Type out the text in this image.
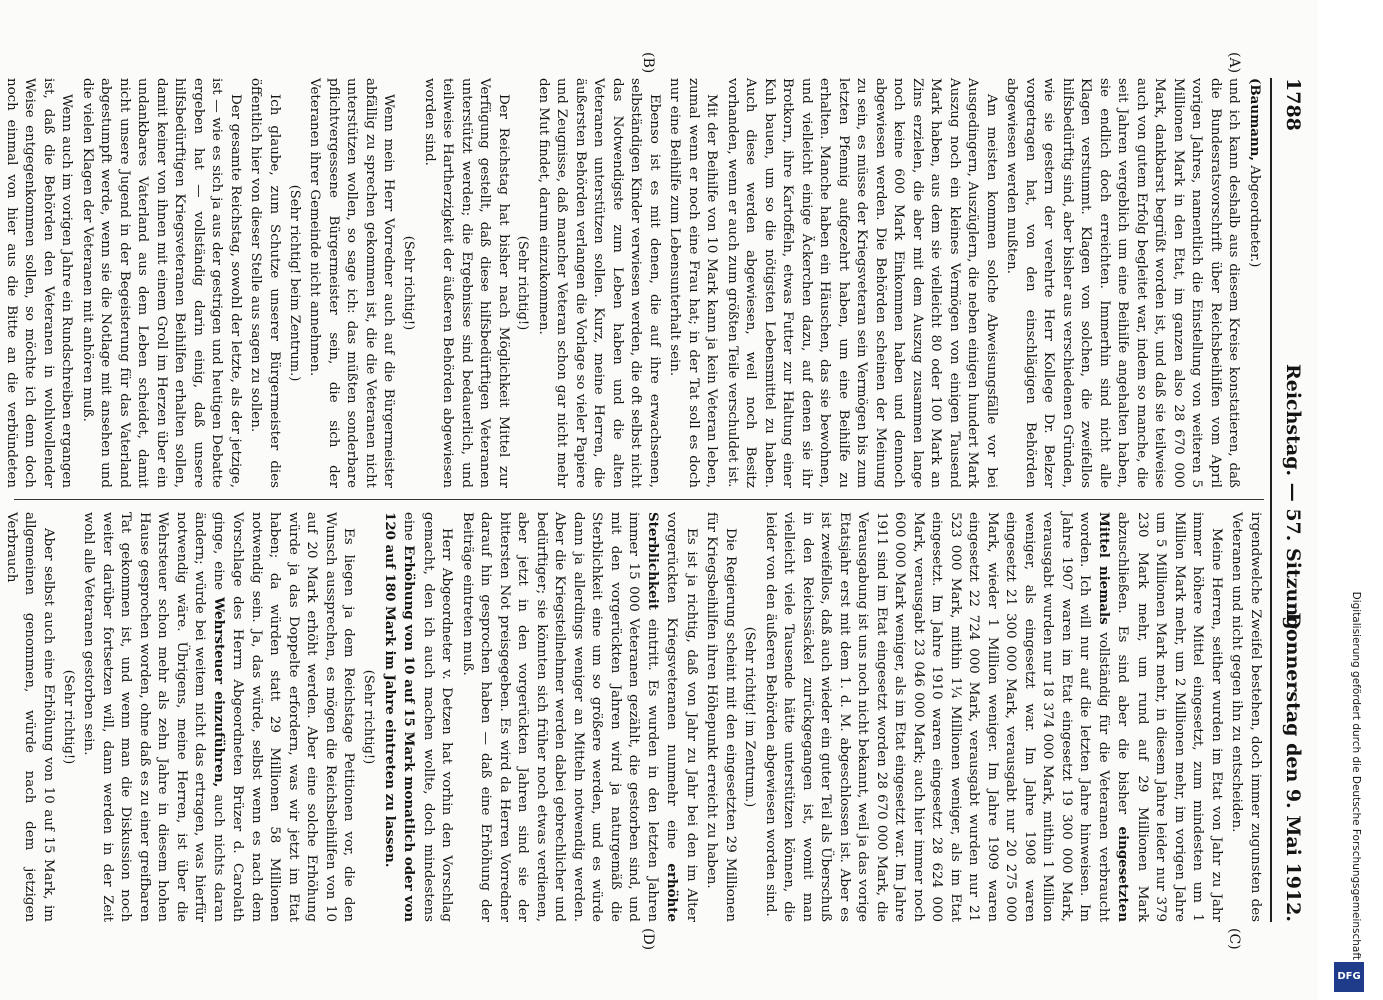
1788
Reichstag. — 57. Sitzung.
Donnerstag den 9. Mai 1912.
(A)
(B)
(C)
(D)

(Baumann, Abgeordneter.)

und ich kann deshalb aus diesem Kreise konstatieren, daß die Bundesratsvorschrift über Reichsbeihilfen vom April vorigen Jahres, namentlich die Einstellung von weiteren 5 Millionen Mark in den Etat, im ganzen also 28 670 000 Mark, dankbarst begrüßt worden ist, und daß sie teilweise auch von gutem Erfolg begleitet war, indem so manche, die seit Jahren vergeblich um eine Beihilfe angehalten haben, sie endlich doch erreichten. Immerhin sind nicht alle Klagen verstummt. Klagen von solchen, die zweifellos hilfsbedürftig sind, aber bisher aus verschiedenen Gründen, wie sie gestern der verehrte Herr Kollege Dr. Belzer vorgetragen hat, von den einschlägigen Behörden abgewiesen werden mußten.

Am meisten kommen solche Abweisungsfälle vor bei Ausgedingern, Auszüglern, die neben einigen hundert Mark Auszug noch ein kleines Vermögen von einigen Tausend Mark haben, aus dem sie vielleicht 80 oder 100 Mark an Zins erzielen, die aber mit dem Auszug zusammen lange noch keine 600 Mark Einkommen haben und dennoch abgewiesen werden. Die Behörden scheinen der Meinung zu sein, es müsse der Kriegsveteran sein Vermögen bis zum letzten Pfennig aufgezehrt haben, um eine Beihilfe zu erhalten. Manche haben ein Häuschen, das sie bewohnen, und vielleicht einige Äckerchen dazu, auf denen sie ihr Brotkorn, ihre Kartoffeln, etwas Futter zur Haltung einer Kuh bauen, um so die nötigsten Lebensmittel zu haben. Auch diese werden abgewiesen, weil noch Besitz vorhanden, wenn er auch zum größten Teile verschuldet ist.

Mit der Beihilfe von 10 Mark kann ja kein Veteran leben, zumal wenn er noch eine Frau hat; in der Tat soll es doch nur eine Beihilfe zum Lebensunterhalt sein.

Ebenso ist es mit denen, die auf ihre erwachsenen, selbständigen Kinder verwiesen werden, die oft selbst nicht das Notwendigste zum Leben haben und die alten Veteranen unterstützen sollen. Kurz, meine Herren, die äußersten Behörden verlangen die Vorlage so vieler Papiere und Zeugnisse, daß mancher Veteran schon gar nicht mehr den Mut findet, darum einzukommen.

(Sehr richtig!)

Der Reichstag hat bisher nach Möglichkeit Mittel zur Verfügung gestellt, daß diese hilfsbedürftigen Veteranen unterstützt werden; die Ergebnisse sind bedauerlich, und teilweise Hartherzigkeit der äußeren Behörden abgewiesen worden sind.

(Sehr richtig!)

Wenn mein Herr Vorredner auch auf die Bürgermeister abfällig zu sprechen gekommen ist, die die Veteranen nicht unterstützen wollen, so sage ich: das müßten sonderbare pflichtvergessene Bürgermeister sein, die sich der Veteranen ihrer Gemeinde nicht annehmen.

(Sehr richtig! beim Zentrum.)

Ich glaube, zum Schutze unserer Bürgermeister dies öffentlich hier von dieser Stelle aus sagen zu sollen.

Der gesamte Reichstag, sowohl der letzte, als der jetzige, ist — wie es sich ja aus der gestrigen und heutigen Debatte ergeben hat — vollständig darin einig, daß unsere hilfsbedürftigen Kriegsveteranen Beihilfen erhalten sollen, damit keiner von ihnen mit einem Groll im Herzen über ein undankbares Vaterland aus dem Leben scheidet, damit nicht unsere Jugend in der Begeisterung für das Vaterland abgestumpft werde, wenn sie die Notlage mit ansehen und die vielen Klagen der Veteranen mit anhören muß.

Wenn auch im vorigen Jahre ein Rundschreiben ergangen ist, daß die Behörden den Veteranen in wohlwollender Weise entgegenkommen sollen, so möchte ich denn doch noch einmal von hier aus die Bitte an die verbündeten

irgendwelche Zweifel bestehen, doch immer zugunsten des Veteranen und nicht gegen ihn zu entscheiden.

Meine Herren, seither wurden im Etat von Jahr zu Jahr immer höhere Mittel eingesetzt, zum mindesten um 1 Million Mark mehr, um 2 Millionen mehr, im vorigen Jahre um 5 Millionen Mark mehr, in diesem Jahre leider nur 379 230 Mark mehr, um rund auf 29 Millionen Mark abzuschließen. Es sind aber die bisher eingesetzten Mittel niemals vollständig für die Veteranen verbraucht worden. Ich will nur auf die letzten Jahre hinweisen. Im Jahre 1907 waren im Etat eingesetzt 19 300 000 Mark, verausgabt wurden nur 18 374 000 Mark, mithin 1 Million weniger, als eingesetzt war. Im Jahre 1908 waren eingesetzt 21 300 000 Mark, verausgabt nur 20 275 000 Mark, wieder 1 Million weniger. Im Jahre 1909 waren eingesetzt 22 724 000 Mark, verausgabt wurden nur 21 523 000 Mark, mithin 1¼ Millionen weniger, als im Etat eingesetzt. Im Jahre 1910 waren eingesetzt 28 624 000 Mark, verausgabt 23 046 000 Mark; auch hier immer noch 600 000 Mark weniger, als im Etat eingesetzt war. Im Jahre 1911 sind im Etat eingesetzt worden 28 670 000 Mark, die Verausgabung ist uns noch nicht bekannt, weil ja das vorige Etatsjahr erst mit dem 1. d. M. abgeschlossen ist. Aber es ist zweifellos, daß auch wieder ein guter Teil als Überschuß in den Reichssäckel zurückgegangen ist, womit man vielleicht viele Tausende hätte unterstützen können, die leider von den äußeren Behörden abgewiesen worden sind.

(Sehr richtig! im Zentrum.)

Die Regierung scheint mit den eingesetzten 29 Millionen für Kriegsbeihilfen ihren Höhepunkt erreicht zu haben.

Es ist ja richtig, daß von Jahr zu Jahr bei den im Alter vorgerückten Kriegsveteranen nunmehr eine erhöhte Sterblichkeit eintritt. Es wurden in den letzten Jahren immer 15 000 Veteranen gezählt, die gestorben sind, und mit den vorgerückten Jahren wird ja naturgemäß die Sterblichkeit eine um so größere werden, und es würde dann ja allerdings weniger an Mitteln notwendig werden. Aber die Kriegsteilnehmer werden dabei gebrechlicher und bedürftiger; sie könnten sich früher noch etwas verdienen, aber jetzt in den vorgerückten Jahren sind sie der bittersten Not preisgegeben. Es wird da Herren Vorredner darauf hin gesprochen haben — daß eine Erhöhung der Beiträge eintreten muß.

Herr Abgeordneter v. Detzen hat vorhin den Vorschlag gemacht, den ich auch machen wollte, doch mindestens eine Erhöhung von 10 auf 15 Mark monatlich oder von 120 auf 180 Mark im Jahre eintreten zu lassen.

(Sehr richtig!)

Es liegen ja dem Reichstage Petitionen vor, die den Wunsch aussprechen, es mögen die Reichsbeihilfen von 10 auf 20 Mark erhöht werden. Aber eine solche Erhöhung würde ja das Doppelte erfordern, was wir jetzt im Etat haben; da würden statt 29 Millionen 58 Millionen notwendig sein. Ja, das würde, selbst wenn es nach dem Vorschlage des Herrn Abgeordneten Brüzer d. Carolath ginge, eine Wehrsteuer einzuführen, auch nichts daran ändern; würde bei weitem nicht das ertragen, was hierfür notwendig wäre. Übrigens, meine Herren, ist über die Wehrsteuer schon mehr als zehn Jahre in diesem hohen Hause gesprochen worden, ohne daß es zu einer greifbaren Tat gekommen ist, und wenn man die Diskussion noch weiter darüber fortsetzen will, dann werden in der Zeit wohl alle Veteranen gestorben sein.

(Sehr richtig!)

Aber selbst auch eine Erhöhung von 10 auf 15 Mark, im allgemeinen genommen, würde nach dem jetzigen Verbrauch

Digitalisierung gefördert durch die Deutsche Forschungsgemeinschaft
DFG
